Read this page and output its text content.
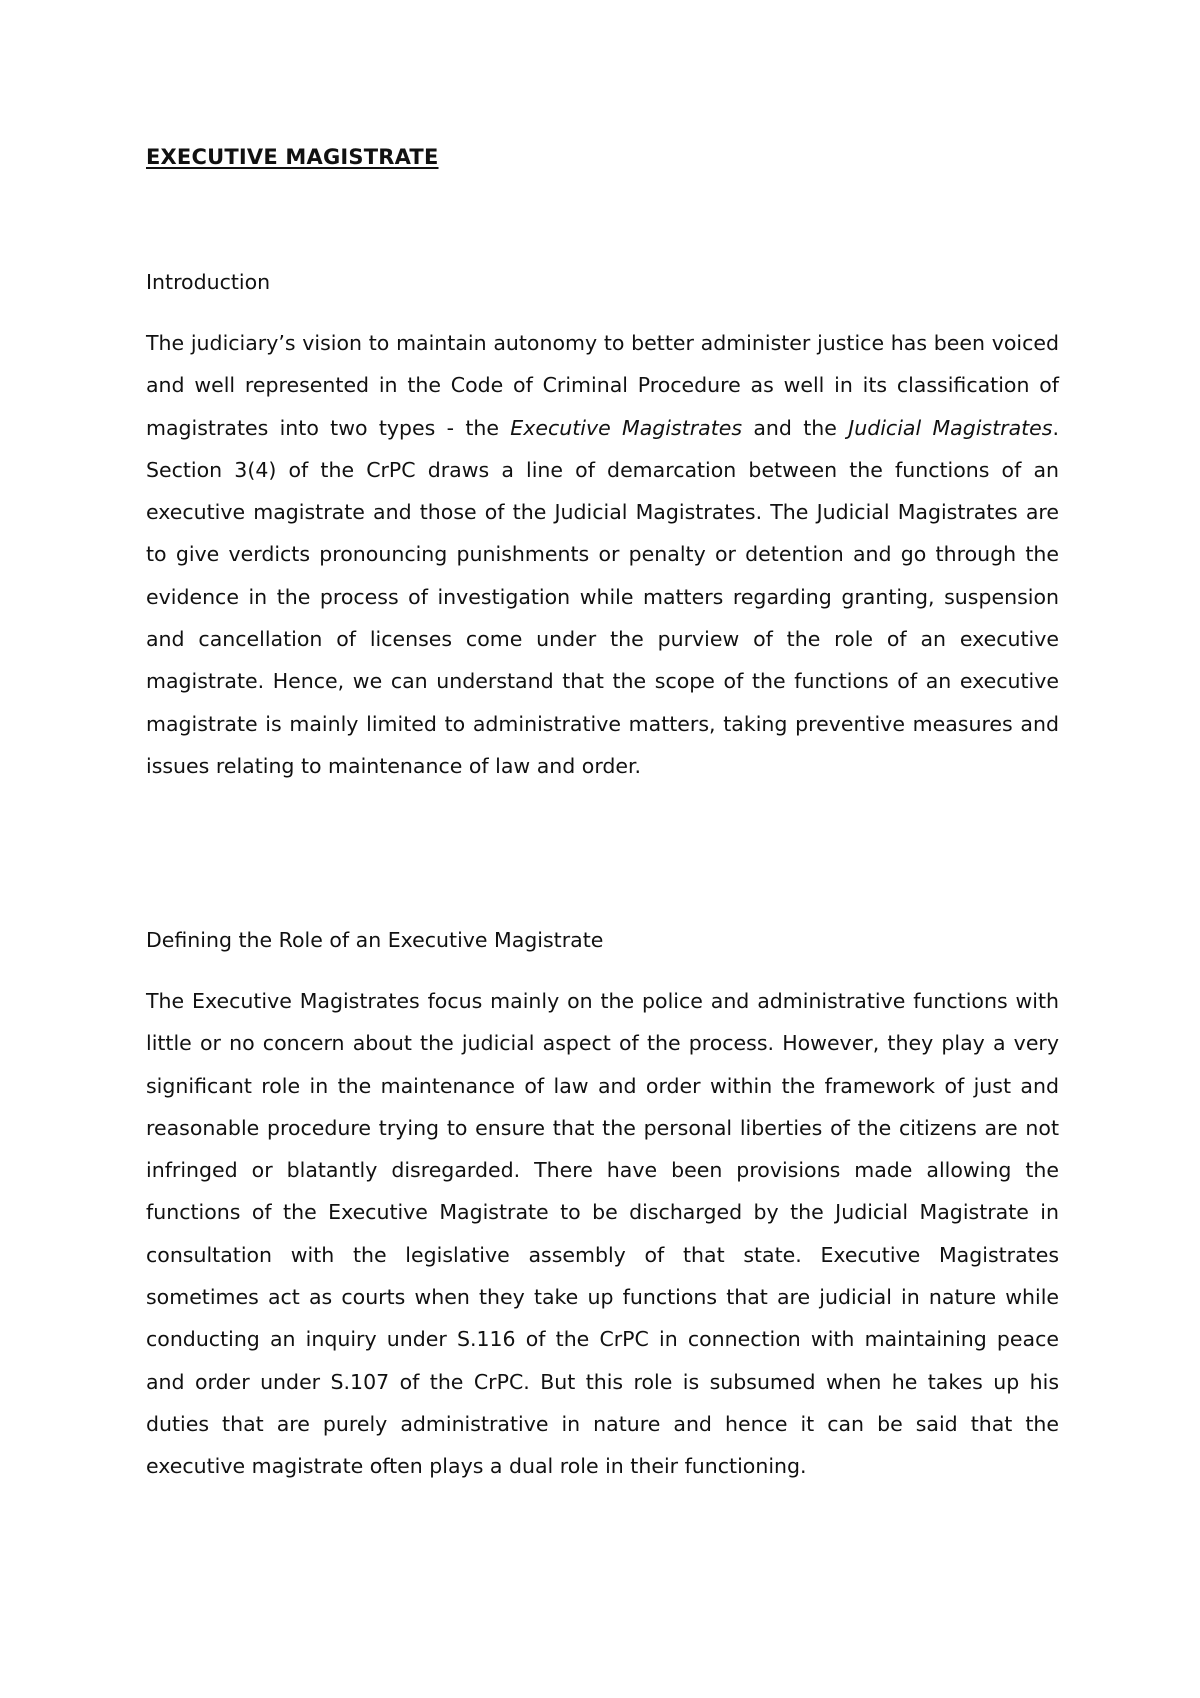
EXECUTIVE MAGISTRATE
Introduction

The judiciary’s vision to maintain autonomy to better administer justice has been voiced and well represented in the Code of Criminal Procedure as well in its classification of magistrates into two types - the Executive Magistrates and the Judicial Magistrates. Section 3(4) of the CrPC draws a line of demarcation between the functions of an executive magistrate and those of the Judicial Magistrates. The Judicial Magistrates are to give verdicts pronouncing punishments or penalty or detention and go through the evidence in the process of investigation while matters regarding granting, suspension and cancellation of licenses come under the purview of the role of an executive magistrate. Hence, we can understand that the scope of the functions of an executive magistrate is mainly limited to administrative matters, taking preventive measures and issues relating to maintenance of law and order.

Defining the Role of an Executive Magistrate

The Executive Magistrates focus mainly on the police and administrative functions with little or no concern about the judicial aspect of the process. However, they play a very significant role in the maintenance of law and order within the framework of just and reasonable procedure trying to ensure that the personal liberties of the citizens are not infringed or blatantly disregarded. There have been provisions made allowing the functions of the Executive Magistrate to be discharged by the Judicial Magistrate in consultation with the legislative assembly of that state. Executive Magistrates sometimes act as courts when they take up functions that are judicial in nature while conducting an inquiry under S.116 of the CrPC in connection with maintaining peace and order under S.107 of the CrPC. But this role is subsumed when he takes up his duties that are purely administrative in nature and hence it can be said that the executive magistrate often plays a dual role in their functioning.
